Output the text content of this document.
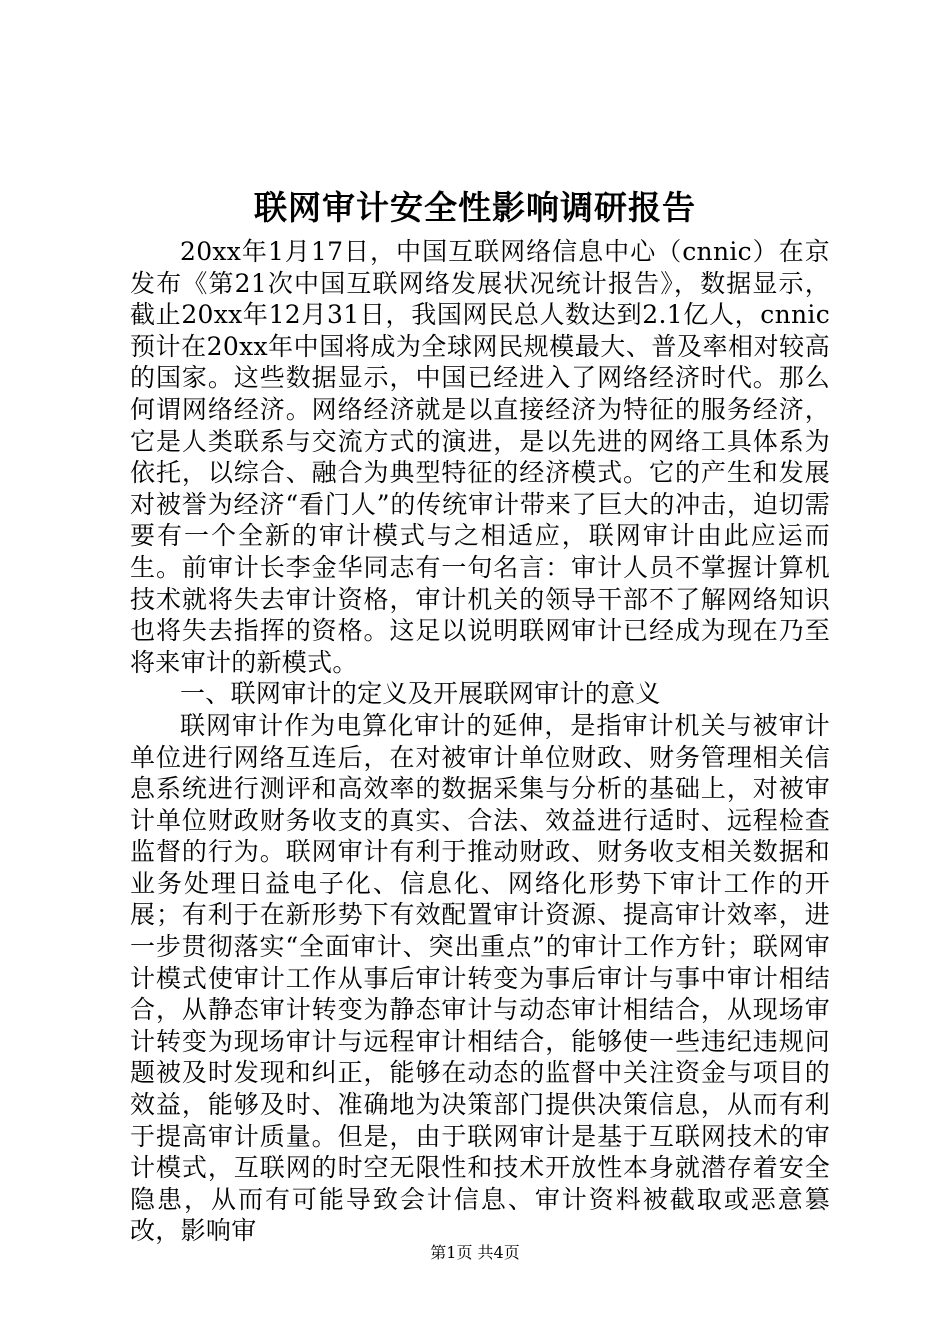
联网审计安全性影响调研报告

20xx年1月17日，中国互联网络信息中心（cnnic）在京发布《第21次中国互联网络发展状况统计报告》，数据显示，截止20xx年12月31日，我国网民总人数达到2.1亿人，cnnic预计在20xx年中国将成为全球网民规模最大、普及率相对较高的国家。这些数据显示，中国已经进入了网络经济时代。那么何谓网络经济。网络经济就是以直接经济为特征的服务经济，它是人类联系与交流方式的演进，是以先进的网络工具体系为依托，以综合、融合为典型特征的经济模式。它的产生和发展对被誉为经济“看门人”的传统审计带来了巨大的冲击，迫切需要有一个全新的审计模式与之相适应，联网审计由此应运而生。前审计长李金华同志有一句名言：审计人员不掌握计算机技术就将失去审计资格，审计机关的领导干部不了解网络知识也将失去指挥的资格。这足以说明联网审计已经成为现在乃至将来审计的新模式。

一、联网审计的定义及开展联网审计的意义

联网审计作为电算化审计的延伸，是指审计机关与被审计单位进行网络互连后，在对被审计单位财政、财务管理相关信息系统进行测评和高效率的数据采集与分析的基础上，对被审计单位财政财务收支的真实、合法、效益进行适时、远程检查监督的行为。联网审计有利于推动财政、财务收支相关数据和业务处理日益电子化、信息化、网络化形势下审计工作的开展；有利于在新形势下有效配置审计资源、提高审计效率，进一步贯彻落实“全面审计、突出重点”的审计工作方针；联网审计模式使审计工作从事后审计转变为事后审计与事中审计相结合，从静态审计转变为静态审计与动态审计相结合，从现场审计转变为现场审计与远程审计相结合，能够使一些违纪违规问题被及时发现和纠正，能够在动态的监督中关注资金与项目的效益，能够及时、准确地为决策部门提供决策信息，从而有利于提高审计质量。但是，由于联网审计是基于互联网技术的审计模式，互联网的时空无限性和技术开放性本身就潜存着安全隐患，从而有可能导致会计信息、审计资料被截取或恶意篡改，影响审

第1页 共4页
